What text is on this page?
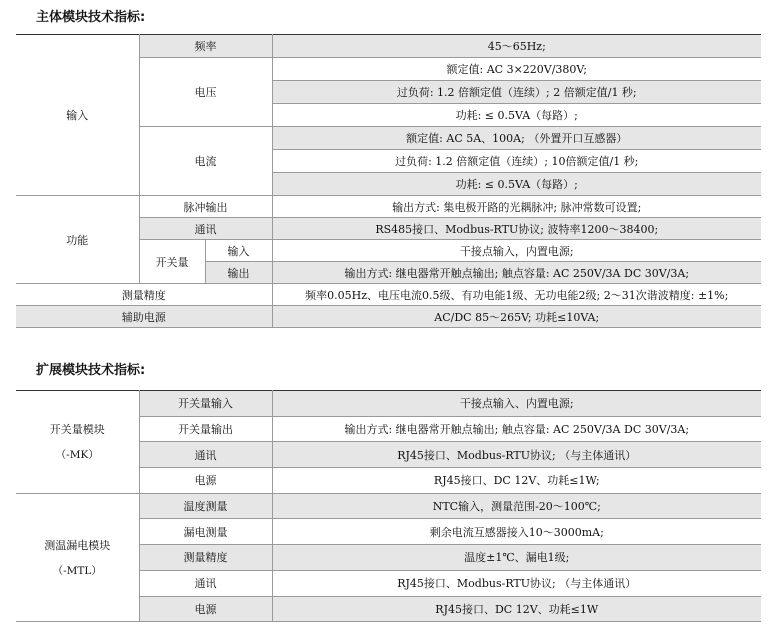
主体模块技术指标:
输入	频率		45～65Hz;
	电压		额定值: AC 3×220V/380V;
			过负荷: 1.2 倍额定值（连续）; 2 倍额定值/1 秒;
			功耗: ≤ 0.5VA（每路）;
	电流		额定值: AC 5A、100A; （外置开口互感器）
			过负荷: 1.2 倍额定值（连续）; 10倍额定值/1 秒;
			功耗: ≤ 0.5VA（每路）;
功能	脉冲输出		输出方式: 集电极开路的光耦脉冲; 脉冲常数可设置;
	通讯		RS485接口、Modbus-RTU协议; 波特率1200～38400;
	开关量	输入	干接点输入，内置电源;
		输出	输出方式: 继电器常开触点输出; 触点容量: AC 250V/3A DC 30V/3A;
测量精度			频率0.05Hz、电压电流0.5级、有功电能1级、无功电能2级; 2～31次谐波精度: ±1%;
辅助电源			AC/DC 85～265V; 功耗≤10VA;
扩展模块技术指标:
开关量模块
（-MK）	开关量输入	干接点输入、内置电源;
	开关量输出	输出方式: 继电器常开触点输出; 触点容量: AC 250V/3A DC 30V/3A;
	通讯	RJ45接口、Modbus-RTU协议; （与主体通讯）
	电源	RJ45接口、DC 12V、功耗≤1W;
测温漏电模块
（-MTL）	温度测量	NTC输入，测量范围-20～100℃;
	漏电测量	剩余电流互感器接入10～3000mA;
	测量精度	温度±1℃、漏电1级;
	通讯	RJ45接口、Modbus-RTU协议; （与主体通讯）
	电源	RJ45接口、DC 12V、功耗≤1W
